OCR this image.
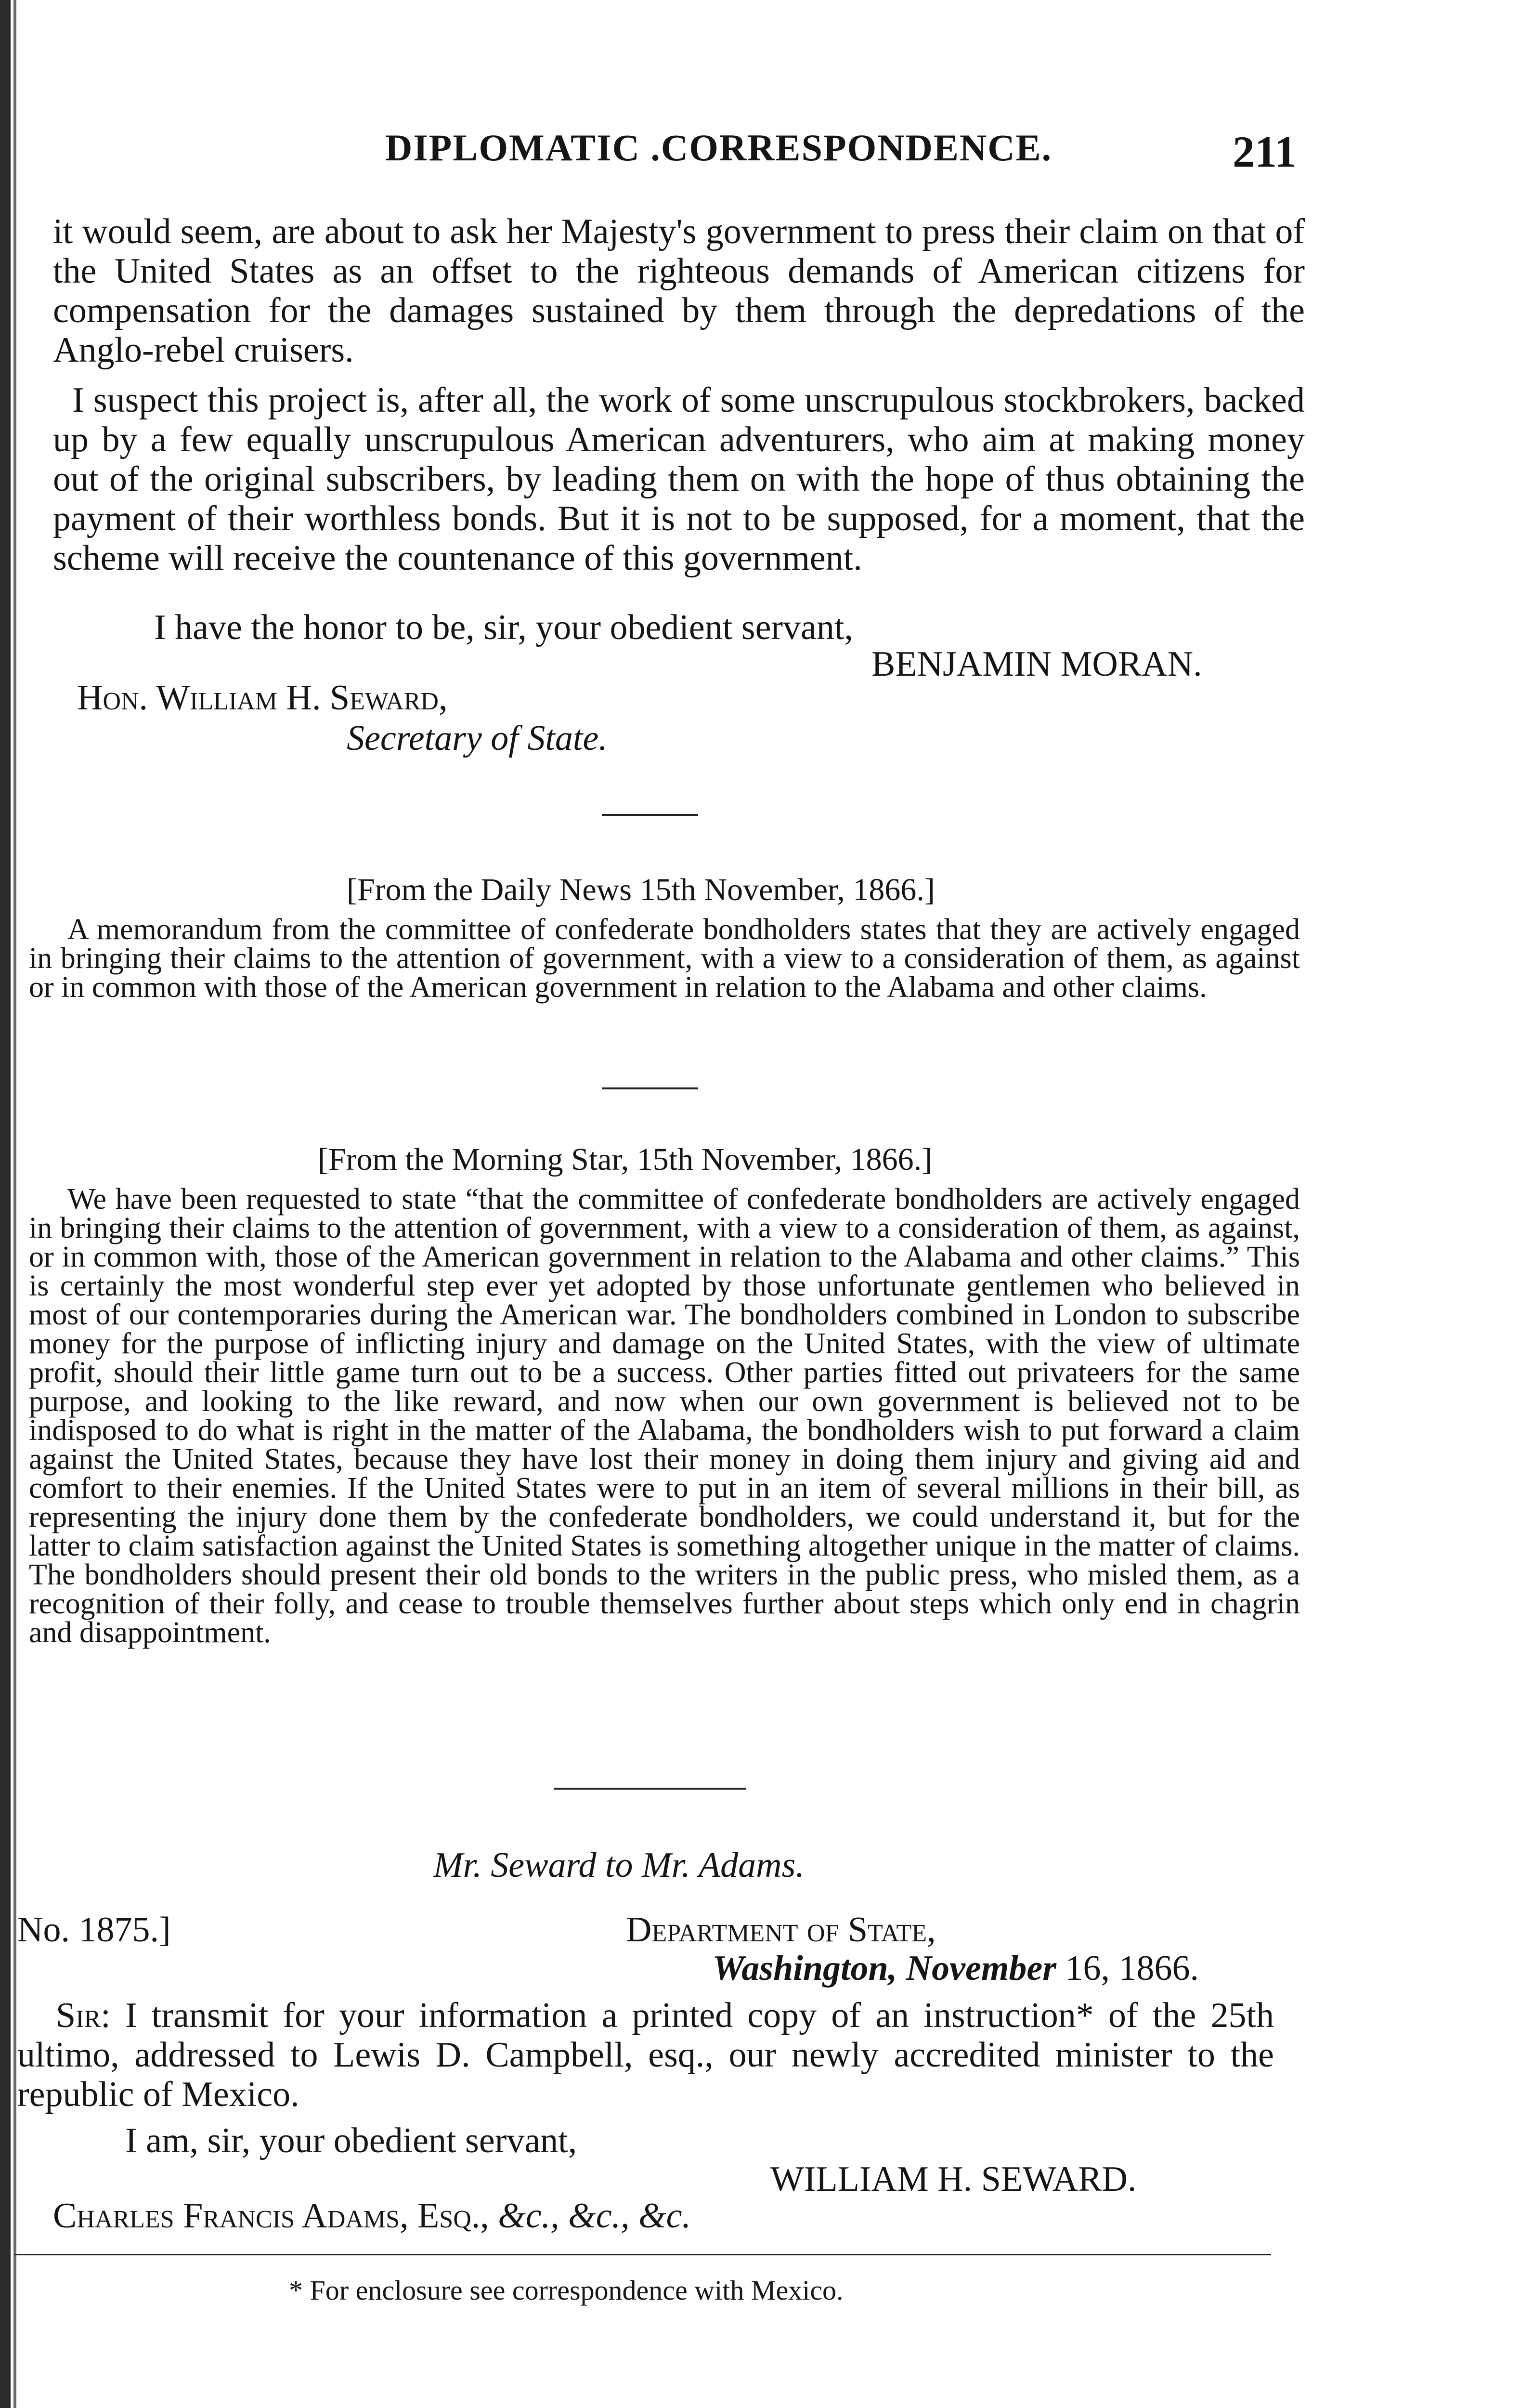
DIPLOMATIC .CORRESPONDENCE.	211
it would seem, are about to ask her Majesty's government to press their claim on that of the United States as an offset to the righteous demands of American citizens for compensation for the damages sustained by them through the depredations of the Anglo-rebel cruisers.
I suspect this project is, after all, the work of some unscrupulous stockbrokers, backed up by a few equally unscrupulous American adventurers, who aim at making money out of the original subscribers, by leading them on with the hope of thus obtaining the payment of their worthless bonds. But it is not to be supposed, for a moment, that the scheme will receive the countenance of this government.
I have the honor to be, sir, your obedient servant,
BENJAMIN MORAN.
Hon. William H. Seward,
Secretary of State.
[From the Daily News 15th November, 1866.]
A memorandum from the committee of confederate bondholders states that they are actively engaged in bringing their claims to the attention of government, with a view to a consideration of them, as against or in common with those of the American government in relation to the Alabama and other claims.
[From the Morning Star, 15th November, 1866.]
We have been requested to state “that the committee of confederate bondholders are actively engaged in bringing their claims to the attention of government, with a view to a consideration of them, as against, or in common with, those of the American government in relation to the Alabama and other claims.” This is certainly the most wonderful step ever yet adopted by those unfortunate gentlemen who believed in most of our contemporaries during the American war. The bondholders combined in London to subscribe money for the purpose of inflicting injury and damage on the United States, with the view of ultimate profit, should their little game turn out to be a success. Other parties fitted out privateers for the same purpose, and looking to the like reward, and now when our own government is believed not to be indisposed to do what is right in the matter of the Alabama, the bondholders wish to put forward a claim against the United States, because they have lost their money in doing them injury and giving aid and comfort to their enemies. If the United States were to put in an item of several millions in their bill, as representing the injury done them by the confederate bondholders, we could understand it, but for the latter to claim satisfaction against the United States is something altogether unique in the matter of claims. The bondholders should present their old bonds to the writers in the public press, who misled them, as a recognition of their folly, and cease to trouble themselves further about steps which only end in chagrin and disappointment.
Mr. Seward to Mr. Adams.
No. 1875.]	Department of State,
Washington, November 16, 1866.
Sir: I transmit for your information a printed copy of an instruction* of the 25th ultimo, addressed to Lewis D. Campbell, esq., our newly accredited minister to the republic of Mexico.
I am, sir, your obedient servant,
WILLIAM H. SEWARD.
Charles Francis Adams, Esq., &c., &c., &c.
* For enclosure see correspondence with Mexico.
